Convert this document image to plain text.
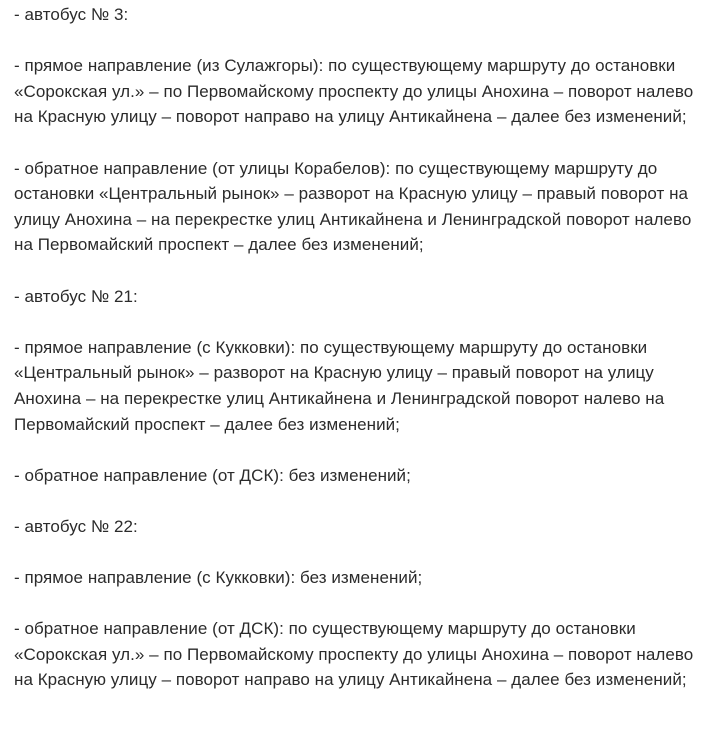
- автобус № 3:

- прямое направление (из Сулажгоры): по существующему маршруту до остановки «Сорокская ул.» – по Первомайскому проспекту до улицы Анохина – поворот налево на Красную улицу – поворот направо на улицу Антикайнена – далее без изменений;

- обратное направление (от улицы Корабелов): по существующему маршруту до остановки «Центральный рынок» – разворот на Красную улицу – правый поворот на улицу Анохина – на перекрестке улиц Антикайнена и Ленинградской поворот налево на Первомайский проспект – далее без изменений;

- автобус № 21:

- прямое направление (с Кукковки): по существующему маршруту до остановки «Центральный рынок» – разворот на Красную улицу – правый поворот на улицу Анохина – на перекрестке улиц Антикайнена и Ленинградской поворот налево на Первомайский проспект – далее без изменений;

- обратное направление (от ДСК): без изменений;

- автобус № 22:

- прямое направление (с Кукковки): без изменений;

- обратное направление (от ДСК): по существующему маршруту до остановки «Сорокская ул.» – по Первомайскому проспекту до улицы Анохина – поворот налево на Красную улицу – поворот направо на улицу Антикайнена – далее без изменений;
